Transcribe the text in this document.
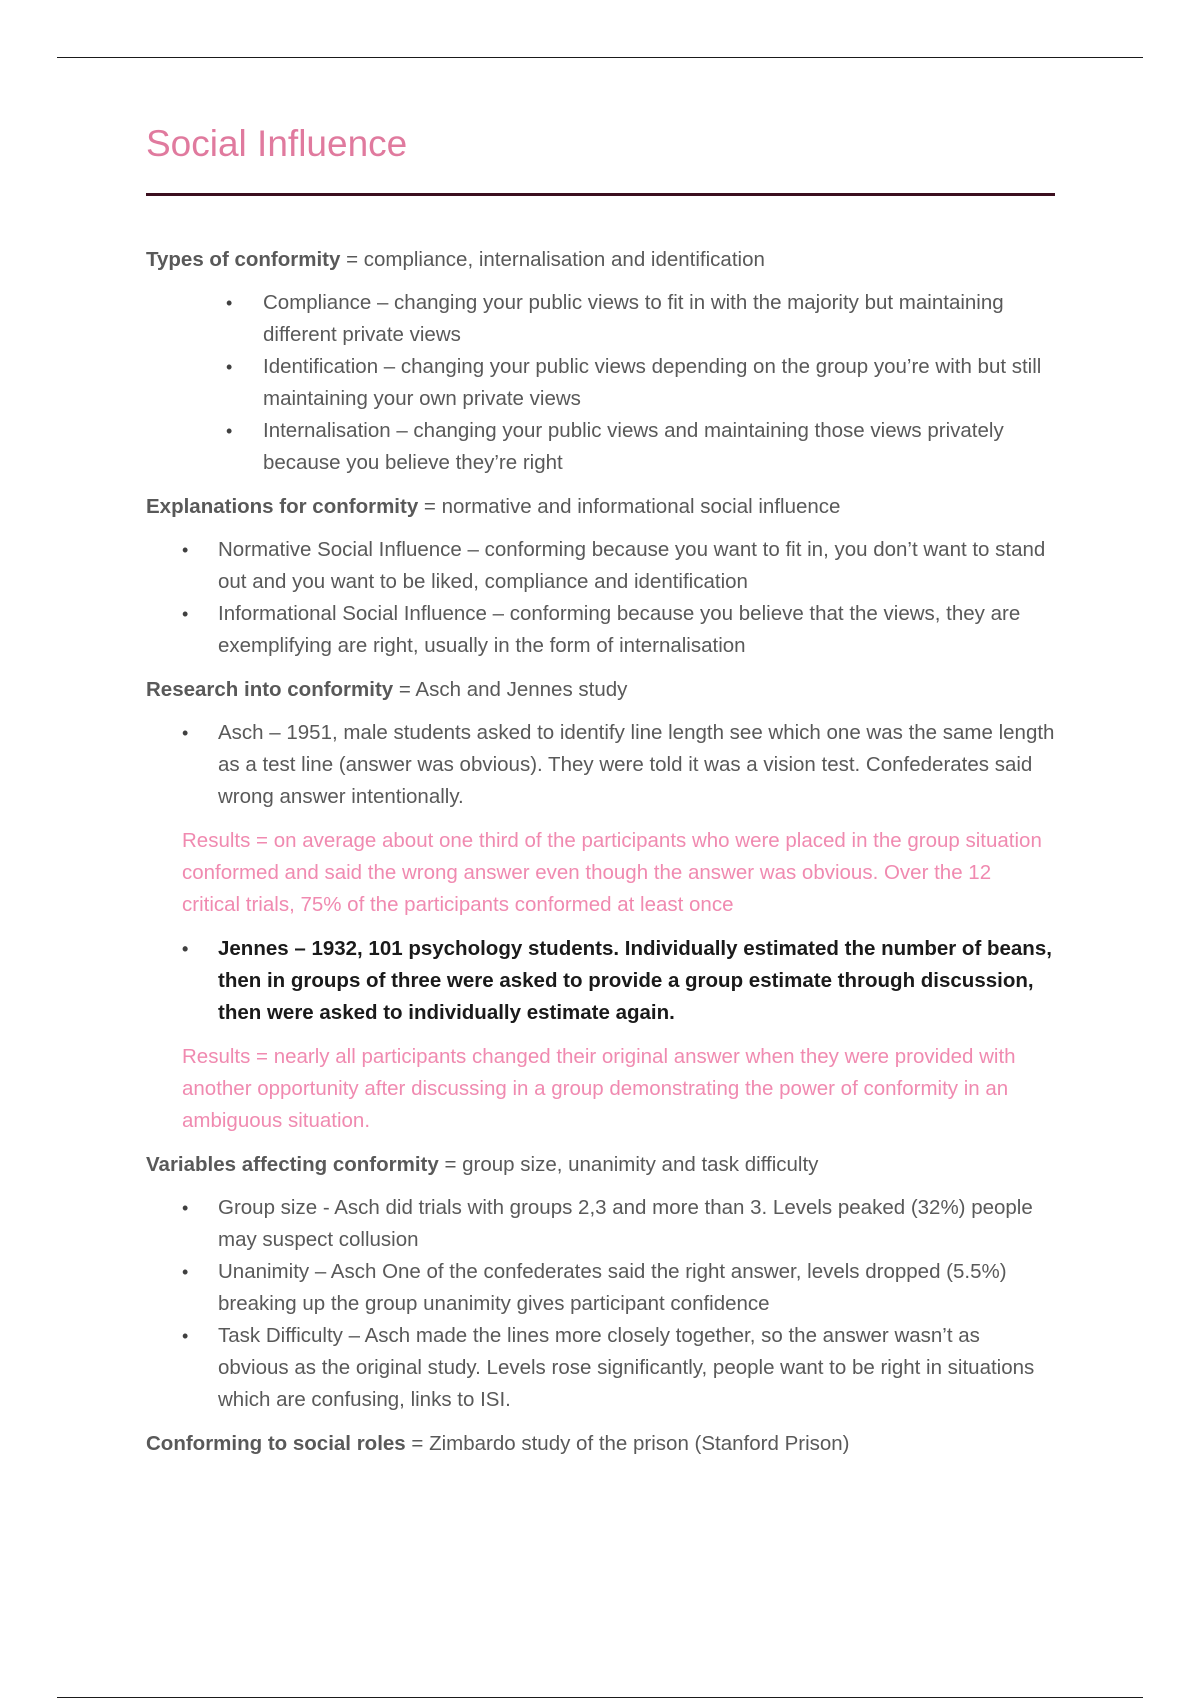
Social Influence

Types of conformity = compliance, internalisation and identification

• Compliance – changing your public views to fit in with the majority but maintaining different private views
• Identification – changing your public views depending on the group you’re with but still maintaining your own private views
• Internalisation – changing your public views and maintaining those views privately because you believe they’re right

Explanations for conformity = normative and informational social influence

• Normative Social Influence – conforming because you want to fit in, you don’t want to stand out and you want to be liked, compliance and identification
• Informational Social Influence – conforming because you believe that the views, they are exemplifying are right, usually in the form of internalisation

Research into conformity = Asch and Jennes study

• Asch – 1951, male students asked to identify line length see which one was the same length as a test line (answer was obvious). They were told it was a vision test. Confederates said wrong answer intentionally.

Results = on average about one third of the participants who were placed in the group situation conformed and said the wrong answer even though the answer was obvious. Over the 12 critical trials, 75% of the participants conformed at least once

• Jennes – 1932, 101 psychology students. Individually estimated the number of beans, then in groups of three were asked to provide a group estimate through discussion, then were asked to individually estimate again.

Results = nearly all participants changed their original answer when they were provided with another opportunity after discussing in a group demonstrating the power of conformity in an ambiguous situation.

Variables affecting conformity = group size, unanimity and task difficulty

• Group size - Asch did trials with groups 2,3 and more than 3. Levels peaked (32%) people may suspect collusion
• Unanimity – Asch One of the confederates said the right answer, levels dropped (5.5%) breaking up the group unanimity gives participant confidence
• Task Difficulty – Asch made the lines more closely together, so the answer wasn’t as obvious as the original study. Levels rose significantly, people want to be right in situations which are confusing, links to ISI.

Conforming to social roles = Zimbardo study of the prison (Stanford Prison)
